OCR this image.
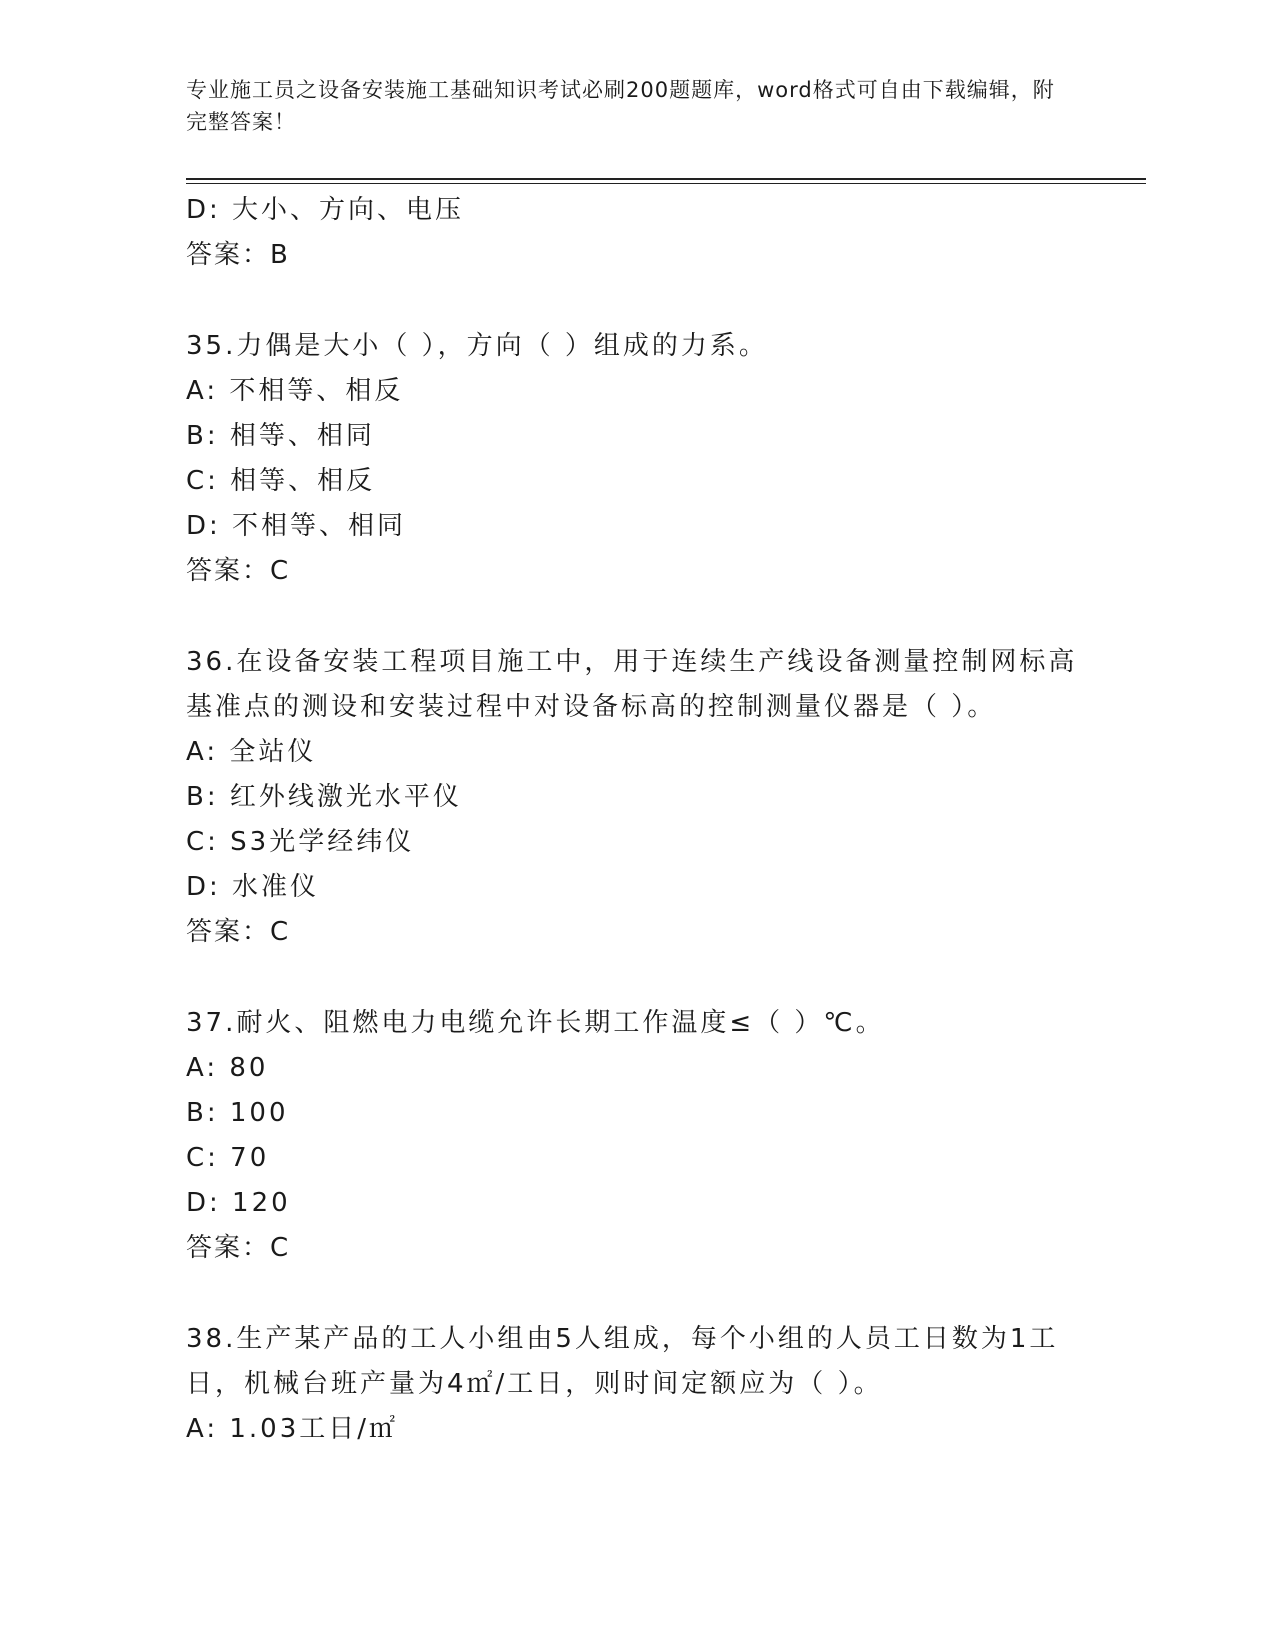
专业施工员之设备安装施工基础知识考试必刷200题题库，word格式可自由下载编辑，附完整答案！
D: 大小、方向、电压
答案：B
35.力偶是大小（ ），方向（ ）组成的力系。
A: 不相等、相反
B: 相等、相同
C: 相等、相反
D: 不相等、相同
答案：C
36.在设备安装工程项目施工中，用于连续生产线设备测量控制网标高
基准点的测设和安装过程中对设备标高的控制测量仪器是（ ）。
A: 全站仪
B: 红外线激光水平仪
C: S3光学经纬仪
D: 水准仪
答案：C
37.耐火、阻燃电力电缆允许长期工作温度≤（ ）℃。
A: 80
B: 100
C: 70
D: 120
答案：C
38.生产某产品的工人小组由5人组成，每个小组的人员工日数为1工
日，机械台班产量为4㎡/工日，则时间定额应为（ ）。
A: 1.03工日/㎡
